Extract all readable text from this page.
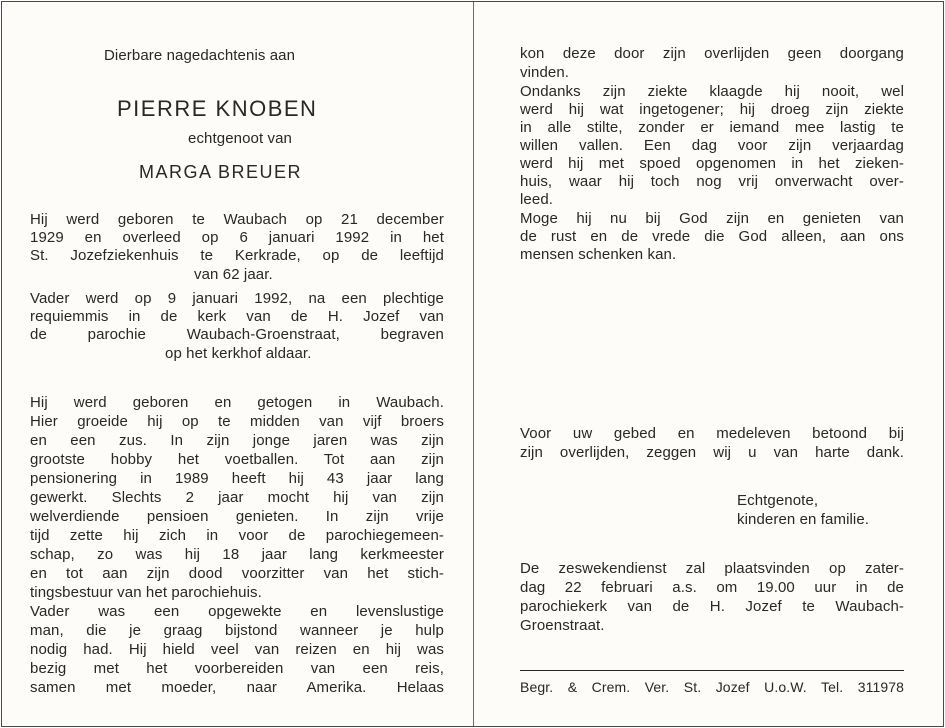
Dierbare nagedachtenis aan
PIERRE KNOBEN
echtgenoot van
MARGA BREUER
Hij werd geboren te Waubach op 21 december
1929 en overleed op 6 januari 1992 in het
St. Jozefziekenhuis te Kerkrade, op de leeftijd
van 62 jaar.
Vader werd op 9 januari 1992, na een plechtige
requiemmis in de kerk van de H. Jozef van
de parochie Waubach-Groenstraat, begraven
op het kerkhof aldaar.
Hij werd geboren en getogen in Waubach.
Hier groeide hij op te midden van vijf broers
en een zus. In zijn jonge jaren was zijn
grootste hobby het voetballen. Tot aan zijn
pensionering in 1989 heeft hij 43 jaar lang
gewerkt. Slechts 2 jaar mocht hij van zijn
welverdiende pensioen genieten. In zijn vrije
tijd zette hij zich in voor de parochiegemeen-
schap, zo was hij 18 jaar lang kerkmeester
en tot aan zijn dood voorzitter van het stich-
tingsbestuur van het parochiehuis.
Vader was een opgewekte en levenslustige
man, die je graag bijstond wanneer je hulp
nodig had. Hij hield veel van reizen en hij was
bezig met het voorbereiden van een reis,
samen met moeder, naar Amerika. Helaas
kon deze door zijn overlijden geen doorgang
vinden.
Ondanks zijn ziekte klaagde hij nooit, wel
werd hij wat ingetogener; hij droeg zijn ziekte
in alle stilte, zonder er iemand mee lastig te
willen vallen. Een dag voor zijn verjaardag
werd hij met spoed opgenomen in het zieken-
huis, waar hij toch nog vrij onverwacht over-
leed.
Moge hij nu bij God zijn en genieten van
de rust en de vrede die God alleen, aan ons
mensen schenken kan.
Voor uw gebed en medeleven betoond bij
zijn overlijden, zeggen wij u van harte dank.
Echtgenote,
kinderen en familie.
De zeswekendienst zal plaatsvinden op zater-
dag 22 februari a.s. om 19.00 uur in de
parochiekerk van de H. Jozef te Waubach-
Groenstraat.
Begr. & Crem. Ver. St. Jozef U.o.W. Tel. 311978
